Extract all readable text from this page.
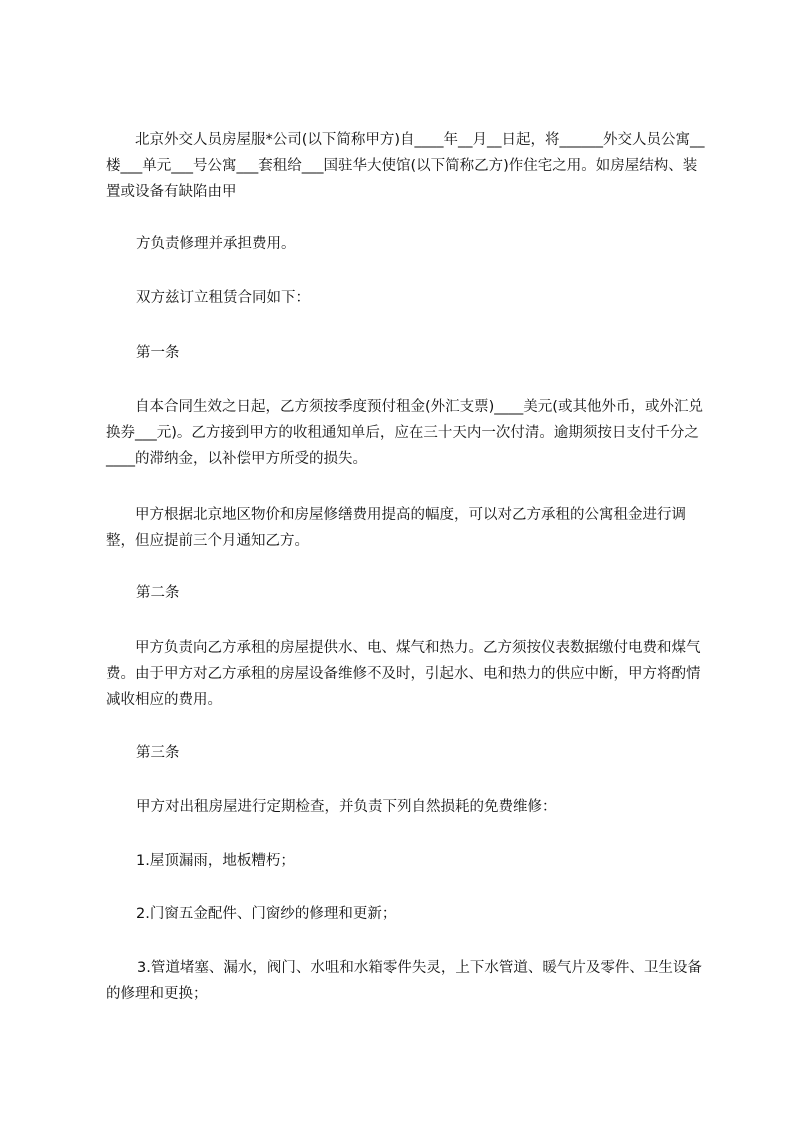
北京外交人员房屋服*公司(以下简称甲方)自____年__月__日起，将______外交人员公寓__楼___单元___号公寓___套租给___国驻华大使馆(以下简称乙方)作住宅之用。如房屋结构、装置或设备有缺陷由甲

方负责修理并承担费用。

双方兹订立租赁合同如下：

第一条

自本合同生效之日起，乙方须按季度预付租金(外汇支票)____美元(或其他外币，或外汇兑换券___元)。乙方接到甲方的收租通知单后，应在三十天内一次付清。逾期须按日支付千分之____的滞纳金，以补偿甲方所受的损失。

甲方根据北京地区物价和房屋修缮费用提高的幅度，可以对乙方承租的公寓租金进行调整，但应提前三个月通知乙方。

第二条

甲方负责向乙方承租的房屋提供水、电、煤气和热力。乙方须按仪表数据缴付电费和煤气费。由于甲方对乙方承租的房屋设备维修不及时，引起水、电和热力的供应中断，甲方将酌情减收相应的费用。

第三条

甲方对出租房屋进行定期检查，并负责下列自然损耗的免费维修：

1.屋顶漏雨，地板糟朽；

2.门窗五金配件、门窗纱的修理和更新；

3.管道堵塞、漏水，阀门、水咀和水箱零件失灵，上下水管道、暖气片及零件、卫生设备的修理和更换；
